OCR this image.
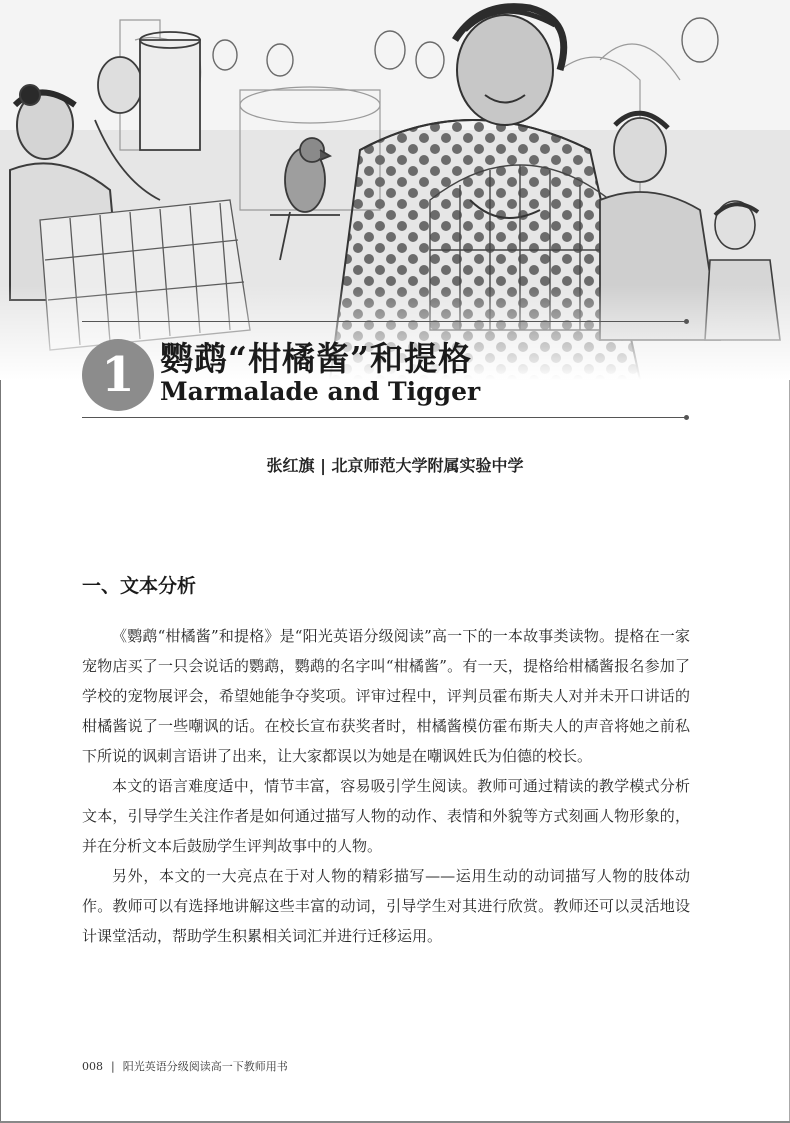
1 鹦鹉“柑橘酱”和提格
Marmalade and Tigger
张红旗 | 北京师范大学附属实验中学
一、文本分析

《鹦鹉“柑橘酱”和提格》是“阳光英语分级阅读”高一下的一本故事类读物。提格在一家宠物店买了一只会说话的鹦鹉，鹦鹉的名字叫“柑橘酱”。有一天，提格给柑橘酱报名参加了学校的宠物展评会，希望她能争夺奖项。评审过程中，评判员霍布斯夫人对并未开口讲话的柑橘酱说了一些嘲讽的话。在校长宣布获奖者时，柑橘酱模仿霍布斯夫人的声音将她之前私下所说的讽刺言语讲了出来，让大家都误以为她是在嘲讽姓氏为伯德的校长。

本文的语言难度适中，情节丰富，容易吸引学生阅读。教师可通过精读的教学模式分析文本，引导学生关注作者是如何通过描写人物的动作、表情和外貌等方式刻画人物形象的，并在分析文本后鼓励学生评判故事中的人物。

另外，本文的一大亮点在于对人物的精彩描写——运用生动的动词描写人物的肢体动作。教师可以有选择地讲解这些丰富的动词，引导学生对其进行欣赏。教师还可以灵活地设计课堂活动，帮助学生积累相关词汇并进行迁移运用。

008 | 阳光英语分级阅读高一下教师用书
